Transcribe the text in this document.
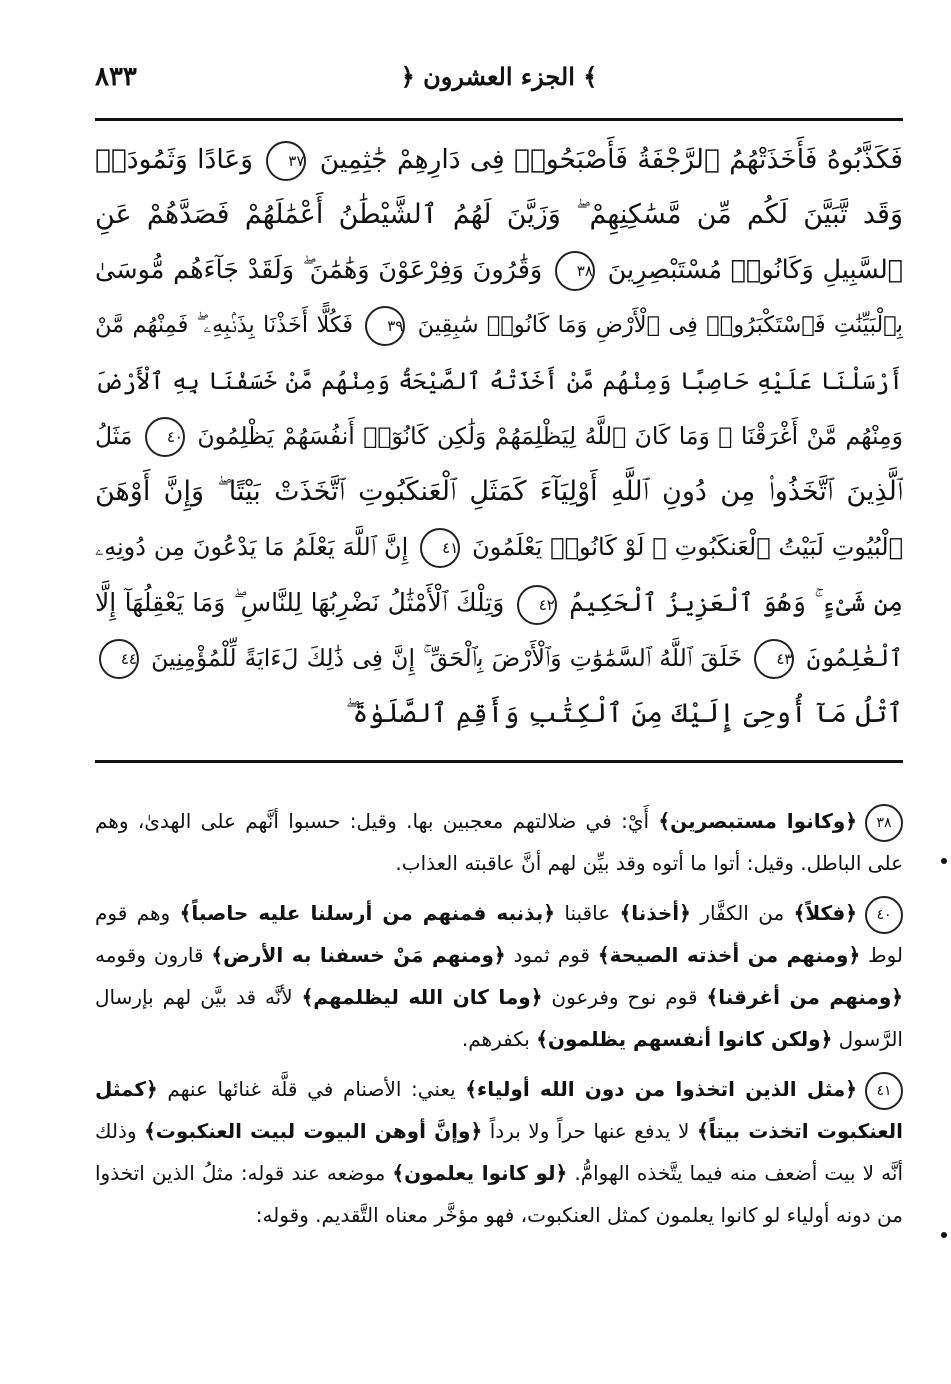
٨٣٣	﴿ الجزء العشرون ﴾
فَكَذَّبُوهُ فَأَخَذَتْهُمُ ٱلرَّجْفَةُ فَأَصْبَحُوا۟ فِى دَارِهِمْ جَٰثِمِينَ ٣٧ وَعَادًا وَثَمُودَا۟
وَقَد تَّبَيَّنَ لَكُم مِّن مَّسَٰكِنِهِمْ ۖ وَزَيَّنَ لَهُمُ ٱلشَّيْطَٰنُ أَعْمَٰلَهُمْ فَصَدَّهُمْ عَنِ
ٱلسَّبِيلِ وَكَانُوا۟ مُسْتَبْصِرِينَ ٣٨ وَقَٰرُونَ وَفِرْعَوْنَ وَهَٰمَٰنَ ۖ وَلَقَدْ جَآءَهُم مُّوسَىٰ
بِٱلْبَيِّنَٰتِ فَٱسْتَكْبَرُوا۟ فِى ٱلْأَرْضِ وَمَا كَانُوا۟ سَٰبِقِينَ ٣٩ فَكُلًّا أَخَذْنَا بِذَنۢبِهِۦ ۖ فَمِنْهُم مَّنْ
أَرْسَلْنَا عَلَيْهِ حَاصِبًا وَمِنْهُم مَّنْ أَخَذَتْهُ ٱلصَّيْحَةُ وَمِنْهُم مَّنْ خَسَفْنَا بِهِ ٱلْأَرْضَ
وَمِنْهُم مَّنْ أَغْرَقْنَا ۚ وَمَا كَانَ ٱللَّهُ لِيَظْلِمَهُمْ وَلَٰكِن كَانُوٓا۟ أَنفُسَهُمْ يَظْلِمُونَ ٤٠ مَثَلُ
ٱلَّذِينَ ٱتَّخَذُوا۟ مِن دُونِ ٱللَّهِ أَوْلِيَآءَ كَمَثَلِ ٱلْعَنكَبُوتِ ٱتَّخَذَتْ بَيْتًا ۖ وَإِنَّ أَوْهَنَ
ٱلْبُيُوتِ لَبَيْتُ ٱلْعَنكَبُوتِ ۖ لَوْ كَانُوا۟ يَعْلَمُونَ ٤١ إِنَّ ٱللَّهَ يَعْلَمُ مَا يَدْعُونَ مِن دُونِهِۦ
مِن شَىْءٍ ۚ وَهُوَ ٱلْعَزِيزُ ٱلْحَكِيمُ ٤٢ وَتِلْكَ ٱلْأَمْثَٰلُ نَضْرِبُهَا لِلنَّاسِ ۖ وَمَا يَعْقِلُهَآ إِلَّا
ٱلْعَٰلِمُونَ ٤٣ خَلَقَ ٱللَّهُ ٱلسَّمَٰوَٰتِ وَٱلْأَرْضَ بِٱلْحَقِّ ۚ إِنَّ فِى ذَٰلِكَ لَءَايَةً لِّلْمُؤْمِنِينَ ٤٤
ٱتْلُ مَآ أُوحِىَ إِلَيْكَ مِنَ ٱلْكِتَٰبِ وَأَقِمِ ٱلصَّلَوٰةَ ۖ
٣٨﴿وكانوا مستبصرين﴾ أَيْ: في ضلالتهم معجبين بها. وقيل: حسبوا أنَّهم على الهدىٰ، وهم على الباطل. وقيل: أتوا ما أتوه وقد بيِّن لهم أنَّ عاقبته العذاب.
٤٠﴿فكلاً﴾ من الكفَّار ﴿أخذنا﴾ عاقبنا ﴿بذنبه فمنهم من أرسلنا عليه حاصباً﴾ وهم قوم لوط ﴿ومنهم من أخذته الصيحة﴾ قوم ثمود ﴿ومنهم مَنْ خسفنا به الأرض﴾ قارون وقومه ﴿ومنهم من أغرقنا﴾ قوم نوح وفرعون ﴿وما كان الله ليظلمهم﴾ لأنَّه قد بيَّن لهم بإرسال الرَّسول ﴿ولكن كانوا أنفسهم يظلمون﴾ بكفرهم.
٤١﴿مثل الذين اتخذوا من دون الله أولياء﴾ يعني: الأصنام في قلَّة غنائها عنهم ﴿كمثل العنكبوت اتخذت بيتاً﴾ لا يدفع عنها حراً ولا برداً ﴿وإنَّ أوهن البيوت لبيت العنكبوت﴾ وذلك أنَّه لا بيت أضعف منه فيما يتَّخذه الهوامُّ. ﴿لو كانوا يعلمون﴾ موضعه عند قوله: مثلُ الذين اتخذوا من دونه أولياء لو كانوا يعلمون كمثل العنكبوت، فهو مؤخَّر معناه التَّقديم. وقوله:
